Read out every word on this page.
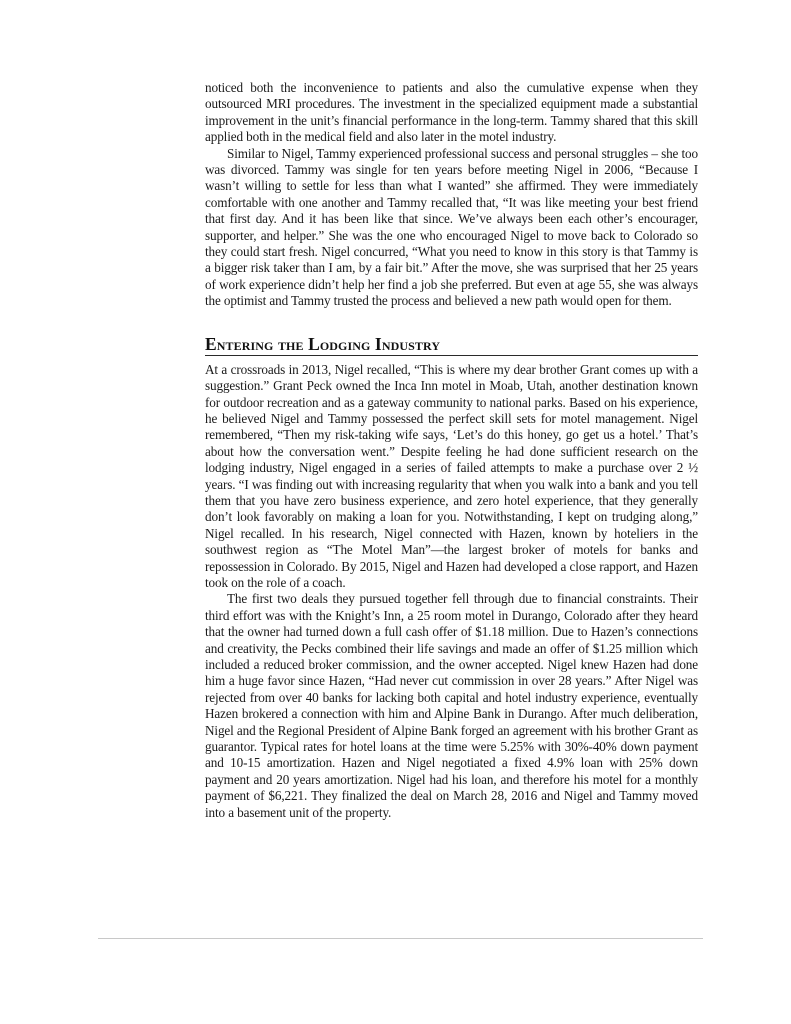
noticed both the inconvenience to patients and also the cumulative expense when they outsourced MRI procedures. The investment in the specialized equipment made a substantial improvement in the unit’s financial performance in the long-term. Tammy shared that this skill applied both in the medical field and also later in the motel industry.

Similar to Nigel, Tammy experienced professional success and personal struggles – she too was divorced. Tammy was single for ten years before meeting Nigel in 2006, “Because I wasn’t willing to settle for less than what I wanted” she affirmed. They were immediately comfortable with one another and Tammy recalled that, “It was like meeting your best friend that first day. And it has been like that since. We’ve always been each other’s encourager, supporter, and helper.” She was the one who encouraged Nigel to move back to Colorado so they could start fresh. Nigel concurred, “What you need to know in this story is that Tammy is a bigger risk taker than I am, by a fair bit.” After the move, she was surprised that her 25 years of work experience didn’t help her find a job she preferred. But even at age 55, she was always the optimist and Tammy trusted the process and believed a new path would open for them.

Entering the Lodging Industry

At a crossroads in 2013, Nigel recalled, “This is where my dear brother Grant comes up with a suggestion.” Grant Peck owned the Inca Inn motel in Moab, Utah, another destination known for outdoor recreation and as a gateway community to national parks. Based on his experience, he believed Nigel and Tammy possessed the perfect skill sets for motel management. Nigel remembered, “Then my risk-taking wife says, ‘Let’s do this honey, go get us a hotel.’ That’s about how the conversation went.” Despite feeling he had done sufficient research on the lodging industry, Nigel engaged in a series of failed attempts to make a purchase over 2 ½ years. “I was finding out with increasing regularity that when you walk into a bank and you tell them that you have zero business experience, and zero hotel experience, that they generally don’t look favorably on making a loan for you. Notwithstanding, I kept on trudging along,” Nigel recalled. In his research, Nigel connected with Hazen, known by hoteliers in the southwest region as “The Motel Man”—the largest broker of motels for banks and repossession in Colorado. By 2015, Nigel and Hazen had developed a close rapport, and Hazen took on the role of a coach.

The first two deals they pursued together fell through due to financial constraints. Their third effort was with the Knight’s Inn, a 25 room motel in Durango, Colorado after they heard that the owner had turned down a full cash offer of $1.18 million. Due to Hazen’s connections and creativity, the Pecks combined their life savings and made an offer of $1.25 million which included a reduced broker commission, and the owner accepted. Nigel knew Hazen had done him a huge favor since Hazen, “Had never cut commission in over 28 years.” After Nigel was rejected from over 40 banks for lacking both capital and hotel industry experience, eventually Hazen brokered a connection with him and Alpine Bank in Durango. After much deliberation, Nigel and the Regional President of Alpine Bank forged an agreement with his brother Grant as guarantor. Typical rates for hotel loans at the time were 5.25% with 30%-40% down payment and 10-15 amortization. Hazen and Nigel negotiated a fixed 4.9% loan with 25% down payment and 20 years amortization. Nigel had his loan, and therefore his motel for a monthly payment of $6,221. They finalized the deal on March 28, 2016 and Nigel and Tammy moved into a basement unit of the property.
